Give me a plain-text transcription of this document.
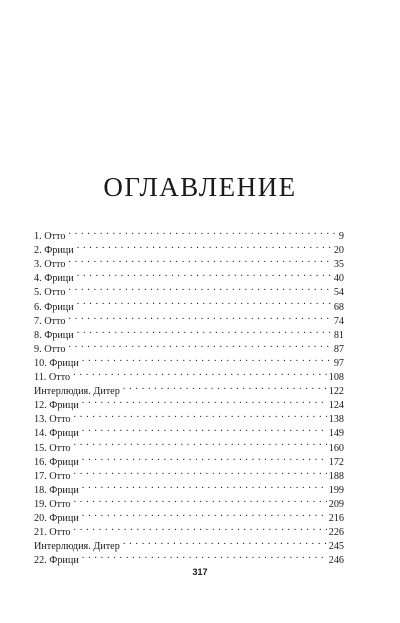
ОГЛАВЛЕНИЕ
1. Отто . . .	9
2. Фрици . . .	20
3. Отто . . .	35
4. Фрици . . .	40
5. Отто . . .	54
6. Фрици . . .	68
7. Отто . . .	74
8. Фрици . . .	81
9. Отто . . .	87
10. Фрици . . .	97
11. Отто . . .	108
Интерлюдия. Дитер . . .	122
12. Фрици . . .	124
13. Отто . . .	138
14. Фрици . . .	149
15. Отто . . .	160
16. Фрици . . .	172
17. Отто . . .	188
18. Фрици . . .	199
19. Отто . . .	209
20. Фрици . . .	216
21. Отто . . .	226
Интерлюдия. Дитер . . .	245
22. Фрици . . .	246
317
